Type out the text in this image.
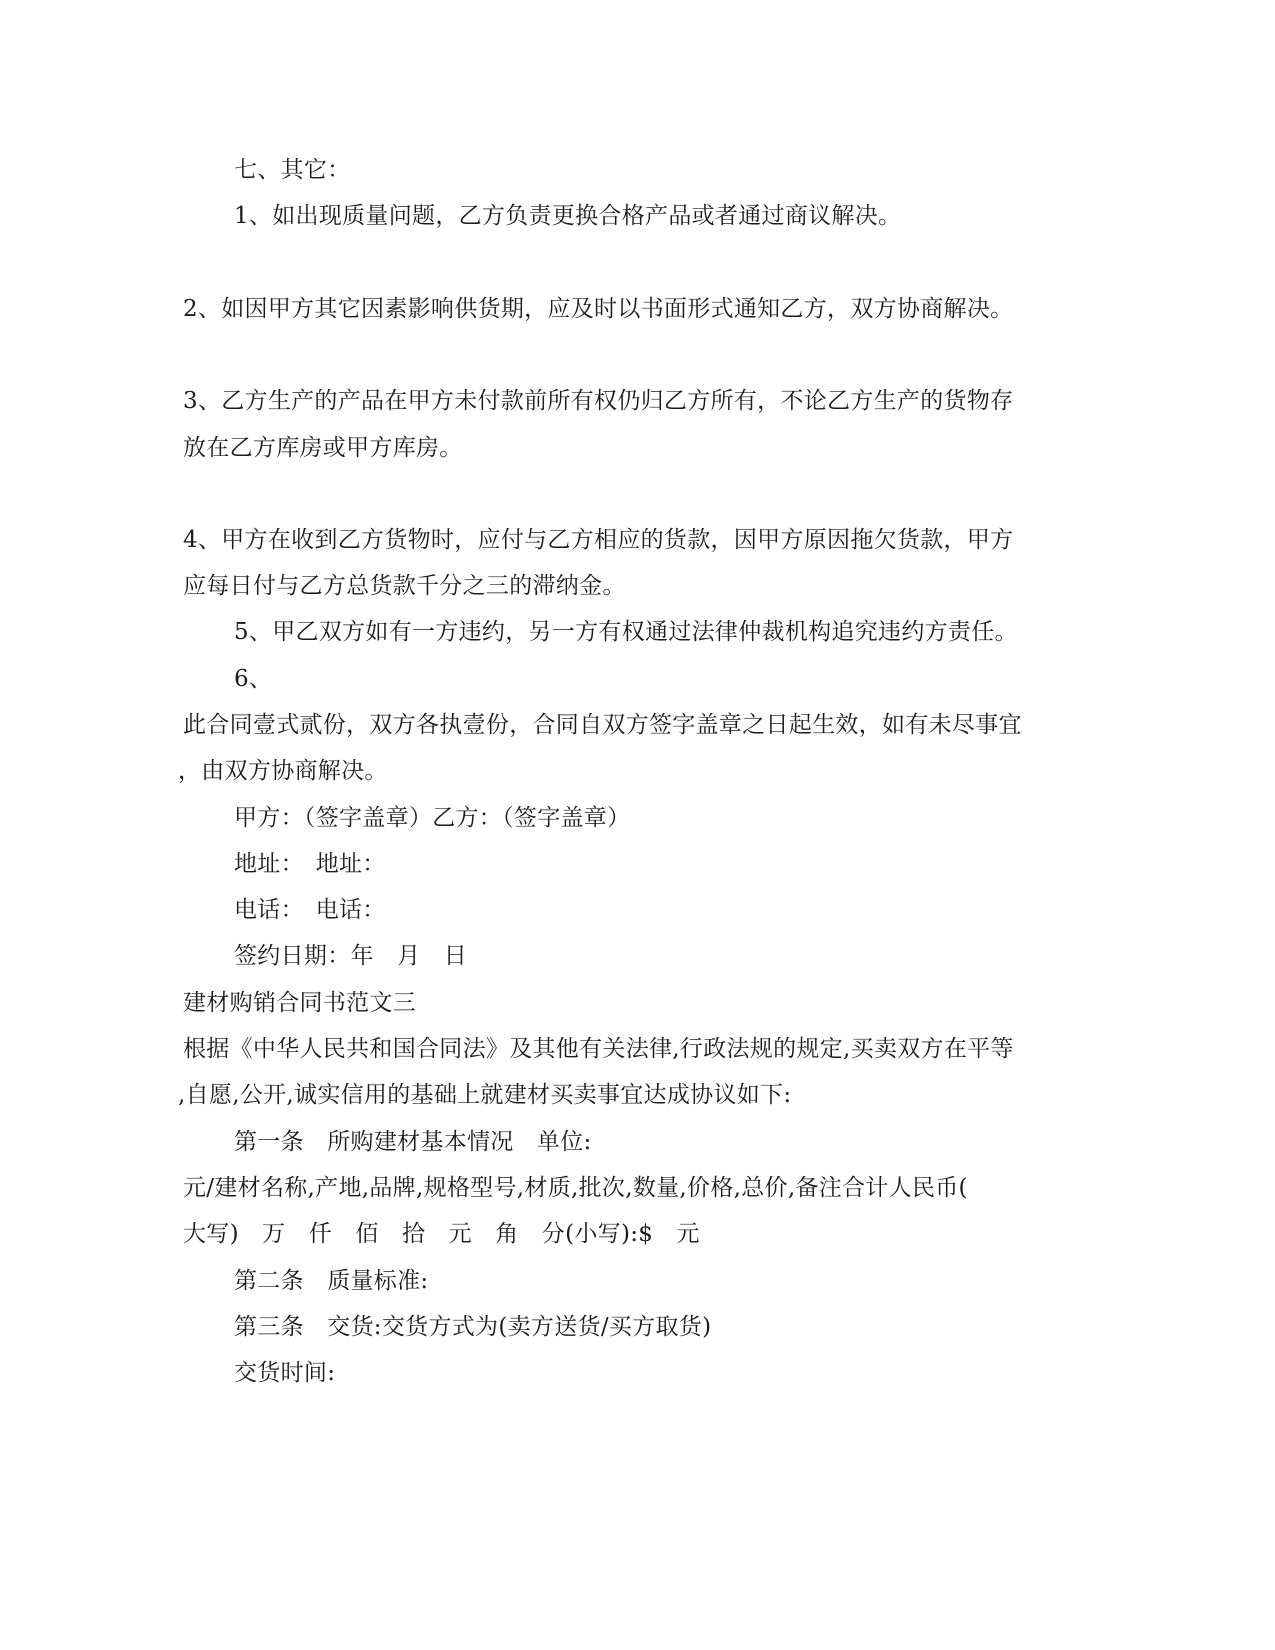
七、其它：
1、如出现质量问题，乙方负责更换合格产品或者通过商议解决。
2、如因甲方其它因素影响供货期，应及时以书面形式通知乙方，双方协商解决。
3、乙方生产的产品在甲方未付款前所有权仍归乙方所有，不论乙方生产的货物存
放在乙方库房或甲方库房。
4、甲方在收到乙方货物时，应付与乙方相应的货款，因甲方原因拖欠货款，甲方
应每日付与乙方总货款千分之三的滞纳金。
5、甲乙双方如有一方违约，另一方有权通过法律仲裁机构追究违约方责任。
6、
此合同壹式贰份，双方各执壹份，合同自双方签字盖章之日起生效，如有未尽事宜
，由双方协商解决。
甲方：（签字盖章）乙方：（签字盖章）
地址：　地址：
电话：　电话：
签约日期：年　月　日
建材购销合同书范文三
根据《中华人民共和国合同法》及其他有关法律,行政法规的规定,买卖双方在平等
,自愿,公开,诚实信用的基础上就建材买卖事宜达成协议如下:
第一条　所购建材基本情况　单位:
元/建材名称,产地,品牌,规格型号,材质,批次,数量,价格,总价,备注合计人民币(
大写)　万　仟　佰　拾　元　角　分(小写):$　元
第二条　质量标准:
第三条　交货:交货方式为(卖方送货/买方取货)
交货时间:
